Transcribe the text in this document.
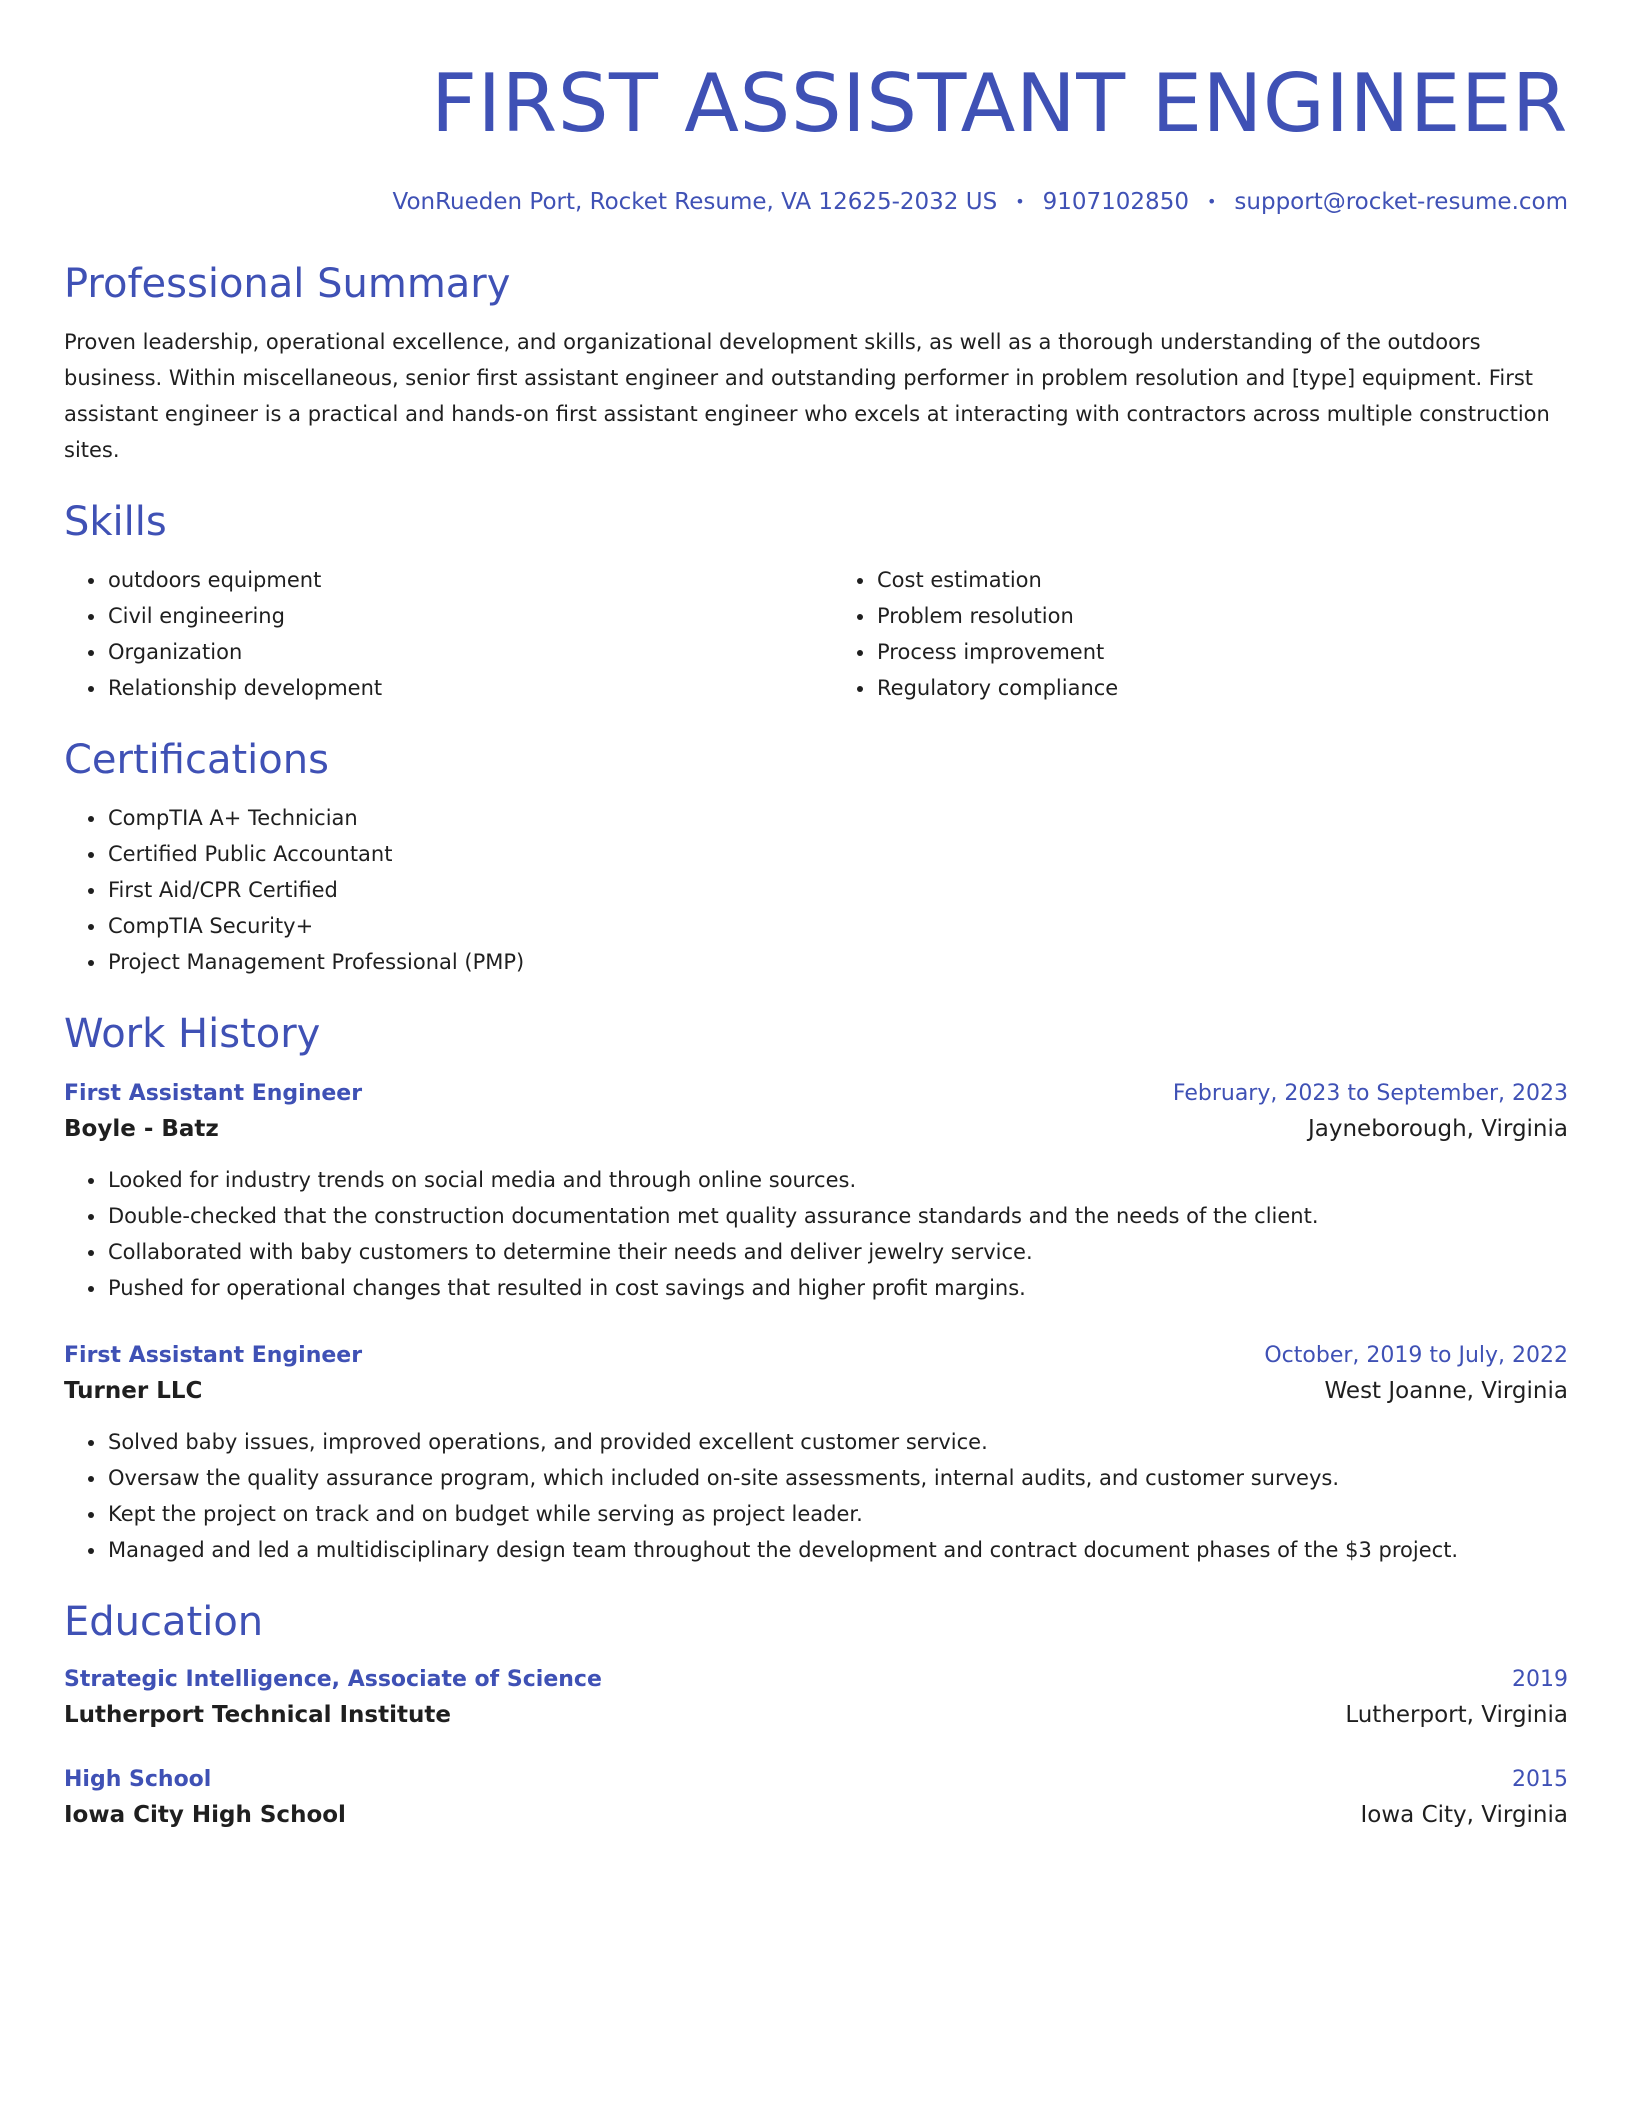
FIRST ASSISTANT ENGINEER
VonRueden Port, Rocket Resume, VA 12625-2032 US • 9107102850 • support@rocket-resume.com
Professional Summary

Proven leadership, operational excellence, and organizational development skills, as well as a thorough understanding of the outdoors business. Within miscellaneous, senior first assistant engineer and outstanding performer in problem resolution and [type] equipment. First assistant engineer is a practical and hands-on first assistant engineer who excels at interacting with contractors across multiple construction sites.

Skills
• outdoors equipment
• Civil engineering
• Organization
• Relationship development
• Cost estimation
• Problem resolution
• Process improvement
• Regulatory compliance
Certifications
• CompTIA A+ Technician
• Certified Public Accountant
• First Aid/CPR Certified
• CompTIA Security+
• Project Management Professional (PMP)
Work History
First Assistant Engineer	February, 2023 to September, 2023
Boyle - Batz	Jayneborough, Virginia
• Looked for industry trends on social media and through online sources.
• Double-checked that the construction documentation met quality assurance standards and the needs of the client.
• Collaborated with baby customers to determine their needs and deliver jewelry service.
• Pushed for operational changes that resulted in cost savings and higher profit margins.
First Assistant Engineer	October, 2019 to July, 2022
Turner LLC	West Joanne, Virginia
• Solved baby issues, improved operations, and provided excellent customer service.
• Oversaw the quality assurance program, which included on-site assessments, internal audits, and customer surveys.
• Kept the project on track and on budget while serving as project leader.
• Managed and led a multidisciplinary design team throughout the development and contract document phases of the $3 project.
Education
Strategic Intelligence, Associate of Science	2019
Lutherport Technical Institute	Lutherport, Virginia
High School	2015
Iowa City High School	Iowa City, Virginia
